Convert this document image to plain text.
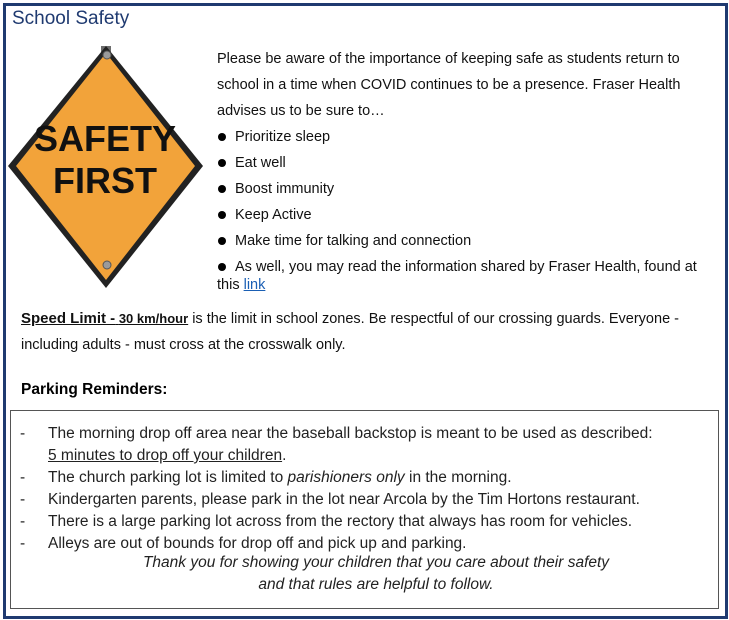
School Safety
SAFETY
FIRST
Please be aware of the importance of keeping safe as students return to school in a time when COVID continues to be a presence. Fraser Health advises us to be sure to…
Prioritize sleep
Eat well
Boost immunity
Keep Active
Make time for talking and connection
As well, you may read the information shared by Fraser Health, found at this link
Speed Limit - 30 km/hour is the limit in school zones. Be respectful of our crossing guards. Everyone - including adults - must cross at the crosswalk only.
Parking Reminders:
- The morning drop off area near the baseball backstop is meant to be used as described:
5 minutes to drop off your children.
- The church parking lot is limited to parishioners only in the morning.
- Kindergarten parents, please park in the lot near Arcola by the Tim Hortons restaurant.
- There is a large parking lot across from the rectory that always has room for vehicles.
- Alleys are out of bounds for drop off and pick up and parking.
Thank you for showing your children that you care about their safety
and that rules are helpful to follow.
